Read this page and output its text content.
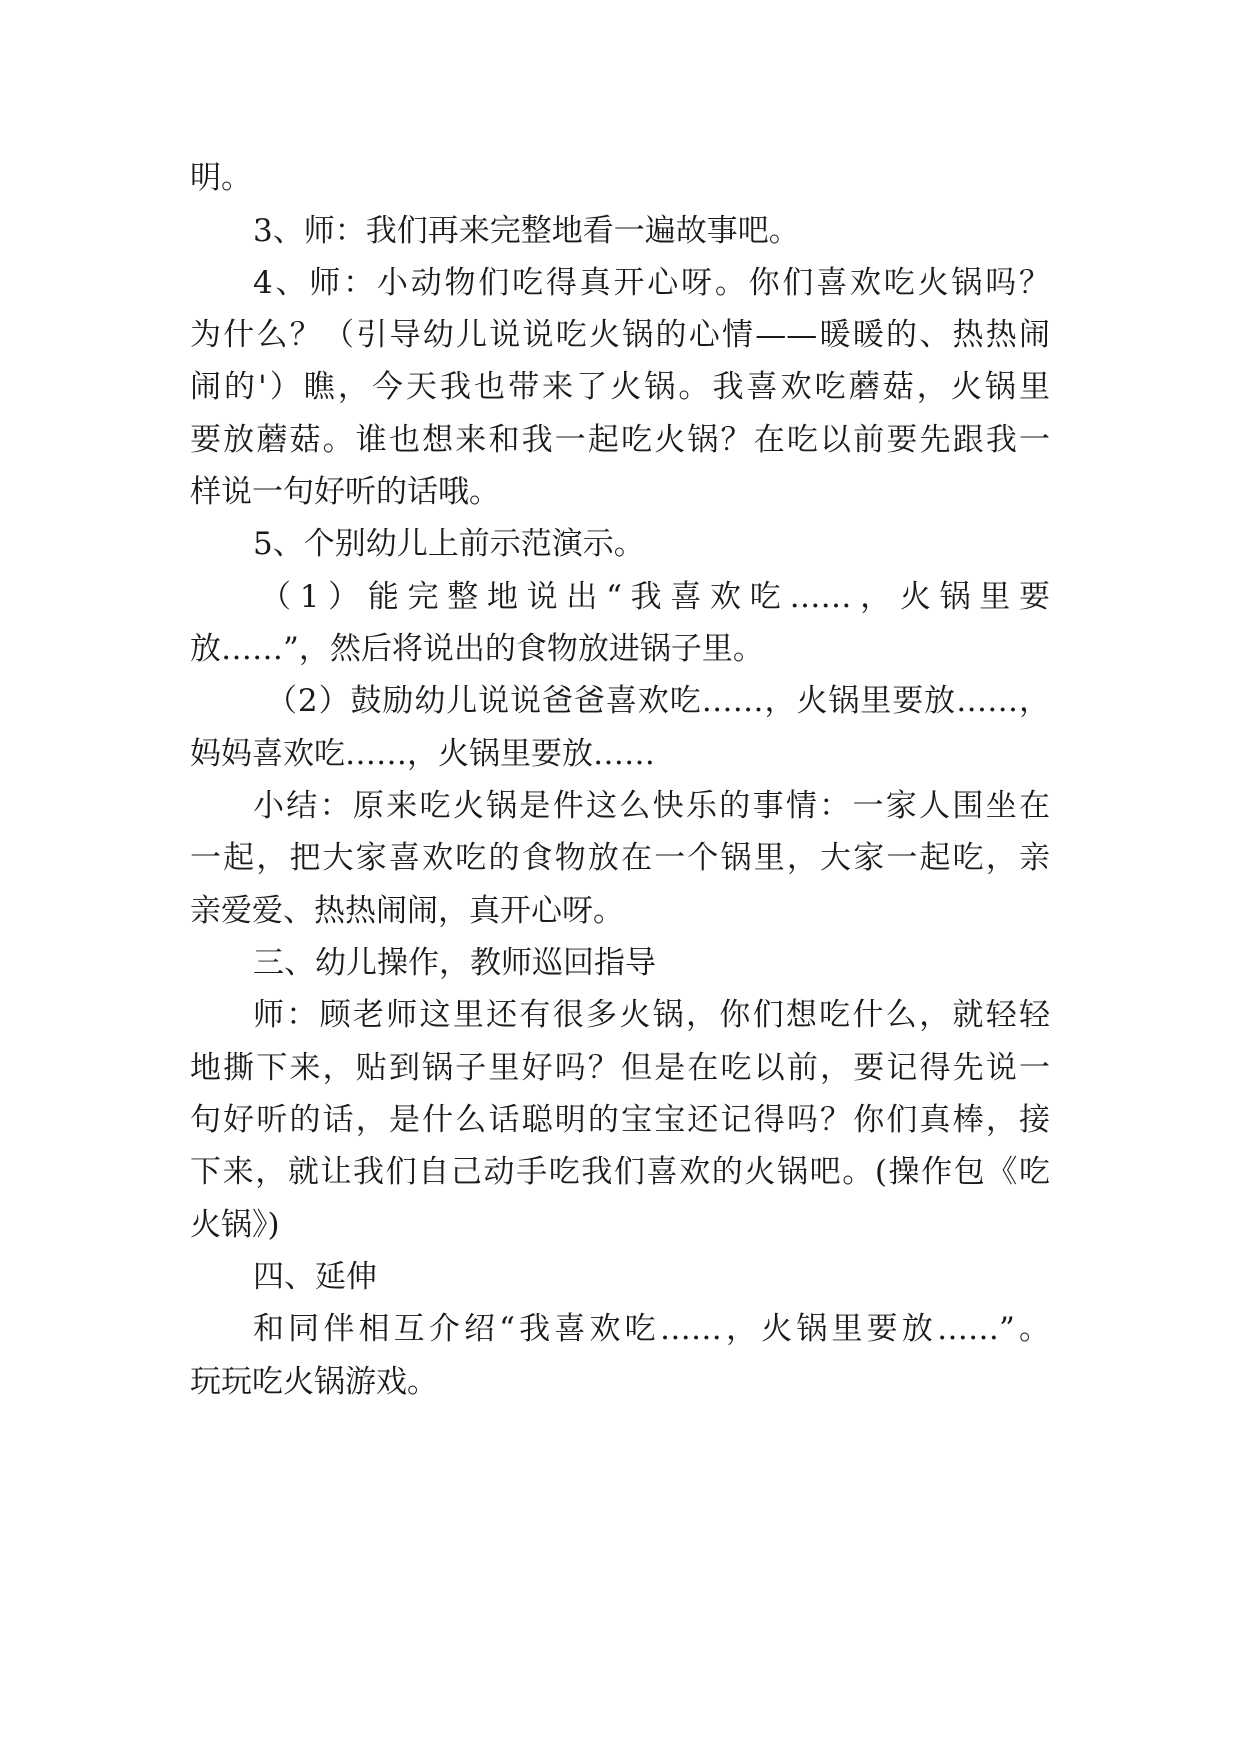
明。
3、师：我们再来完整地看一遍故事吧。
4、师：小动物们吃得真开心呀。你们喜欢吃火锅吗？
为什么？（引导幼儿说说吃火锅的心情——暖暖的、热热闹
闹的'）瞧，今天我也带来了火锅。我喜欢吃蘑菇，火锅里
要放蘑菇。谁也想来和我一起吃火锅？在吃以前要先跟我一
样说一句好听的话哦。
5、个别幼儿上前示范演示。
（1）能完整地说出“我喜欢吃……，火锅里要
放……”，然后将说出的食物放进锅子里。
（2）鼓励幼儿说说爸爸喜欢吃……，火锅里要放……，
妈妈喜欢吃……，火锅里要放……
小结：原来吃火锅是件这么快乐的事情：一家人围坐在
一起，把大家喜欢吃的食物放在一个锅里，大家一起吃，亲
亲爱爱、热热闹闹，真开心呀。
三、幼儿操作，教师巡回指导
师：顾老师这里还有很多火锅，你们想吃什么，就轻轻
地撕下来，贴到锅子里好吗？但是在吃以前，要记得先说一
句好听的话，是什么话聪明的宝宝还记得吗？你们真棒，接
下来，就让我们自己动手吃我们喜欢的火锅吧。(操作包《吃
火锅》)
四、延伸
和同伴相互介绍“我喜欢吃……，火锅里要放……”。
玩玩吃火锅游戏。
